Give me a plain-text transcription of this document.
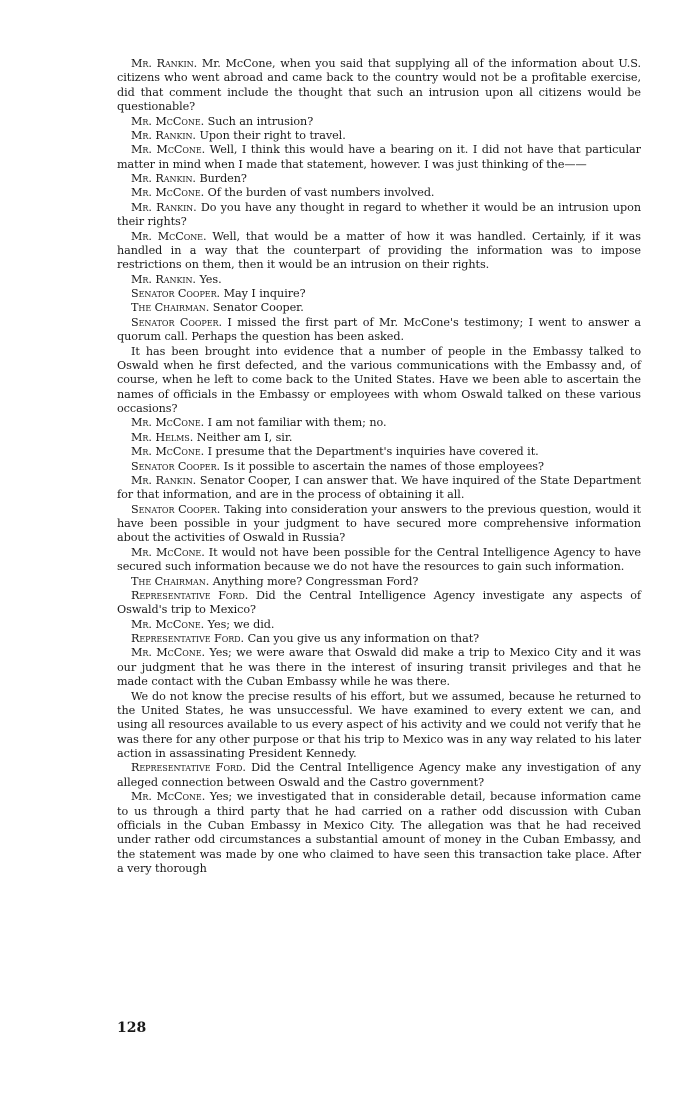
Mr. Rankin. Mr. McCone, when you said that supplying all of the information about U.S. citizens who went abroad and came back to the country would not be a profitable exercise, did that comment include the thought that such an intrusion upon all citizens would be questionable?

Mr. McCone. Such an intrusion?

Mr. Rankin. Upon their right to travel.

Mr. McCone. Well, I think this would have a bearing on it. I did not have that particular matter in mind when I made that statement, however. I was just thinking of the——

Mr. Rankin. Burden?

Mr. McCone. Of the burden of vast numbers involved.

Mr. Rankin. Do you have any thought in regard to whether it would be an intrusion upon their rights?

Mr. McCone. Well, that would be a matter of how it was handled. Certainly, if it was handled in a way that the counterpart of providing the information was to impose restrictions on them, then it would be an intrusion on their rights.

Mr. Rankin. Yes.

Senator Cooper. May I inquire?

The Chairman. Senator Cooper.

Senator Cooper. I missed the first part of Mr. McCone's testimony; I went to answer a quorum call. Perhaps the question has been asked.

It has been brought into evidence that a number of people in the Embassy talked to Oswald when he first defected, and the various communications with the Embassy and, of course, when he left to come back to the United States. Have we been able to ascertain the names of officials in the Embassy or employees with whom Oswald talked on these various occasions?

Mr. McCone. I am not familiar with them; no.

Mr. Helms. Neither am I, sir.

Mr. McCone. I presume that the Department's inquiries have covered it.

Senator Cooper. Is it possible to ascertain the names of those employees?

Mr. Rankin. Senator Cooper, I can answer that. We have inquired of the State Department for that information, and are in the process of obtaining it all.

Senator Cooper. Taking into consideration your answers to the previous question, would it have been possible in your judgment to have secured more comprehensive information about the activities of Oswald in Russia?

Mr. McCone. It would not have been possible for the Central Intelligence Agency to have secured such information because we do not have the resources to gain such information.

The Chairman. Anything more? Congressman Ford?

Representative Ford. Did the Central Intelligence Agency investigate any aspects of Oswald's trip to Mexico?

Mr. McCone. Yes; we did.

Representative Ford. Can you give us any information on that?

Mr. McCone. Yes; we were aware that Oswald did make a trip to Mexico City and it was our judgment that he was there in the interest of insuring transit privileges and that he made contact with the Cuban Embassy while he was there.

We do not know the precise results of his effort, but we assumed, because he returned to the United States, he was unsuccessful. We have examined to every extent we can, and using all resources available to us every aspect of his activity and we could not verify that he was there for any other purpose or that his trip to Mexico was in any way related to his later action in assassinating President Kennedy.

Representative Ford. Did the Central Intelligence Agency make any investigation of any alleged connection between Oswald and the Castro government?

Mr. McCone. Yes; we investigated that in considerable detail, because information came to us through a third party that he had carried on a rather odd discussion with Cuban officials in the Cuban Embassy in Mexico City. The allegation was that he had received under rather odd circumstances a substantial amount of money in the Cuban Embassy, and the statement was made by one who claimed to have seen this transaction take place. After a very thorough

128
